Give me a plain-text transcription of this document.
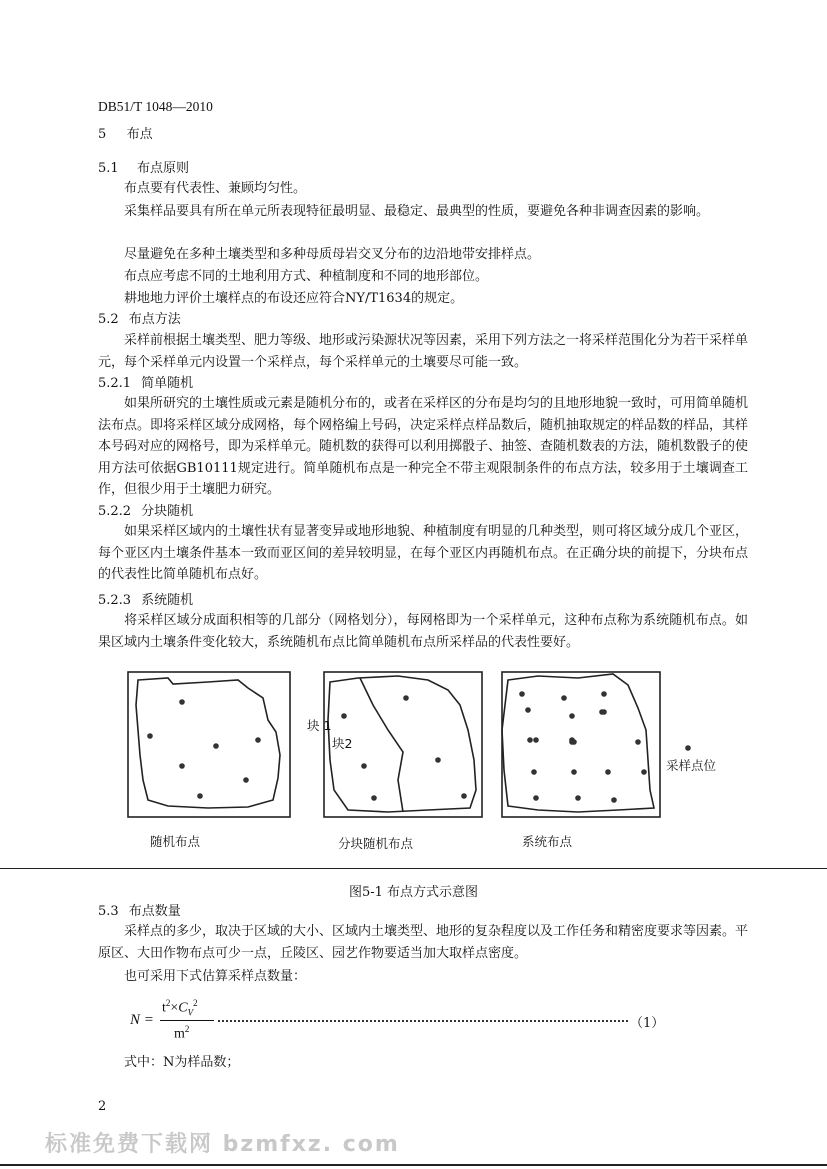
DB51/T 1048—2010
5 布点
5.1 布点原则
布点要有代表性、兼顾均匀性。
采集样品要具有所在单元所表现特征最明显、最稳定、最典型的性质，要避免各种非调查因素的影响。
尽量避免在多种土壤类型和多种母质母岩交叉分布的边沿地带安排样点。
布点应考虑不同的土地利用方式、种植制度和不同的地形部位。
耕地地力评价土壤样点的布设还应符合NY/T1634的规定。
5.2 布点方法
采样前根据土壤类型、肥力等级、地形或污染源状况等因素，采用下列方法之一将采样范围化分为若干采样单元，每个采样单元内设置一个采样点，每个采样单元的土壤要尽可能一致。
5.2.1 简单随机
如果所研究的土壤性质或元素是随机分布的，或者在采样区的分布是均匀的且地形地貌一致时，可用简单随机法布点。即将采样区域分成网格，每个网格编上号码，决定采样点样品数后，随机抽取规定的样品数的样品，其样本号码对应的网格号，即为采样单元。随机数的获得可以利用掷骰子、抽签、查随机数表的方法，随机数骰子的使用方法可依据GB10111规定进行。简单随机布点是一种完全不带主观限制条件的布点方法，较多用于土壤调查工作，但很少用于土壤肥力研究。
5.2.2 分块随机
如果采样区域内的土壤性状有显著变异或地形地貌、种植制度有明显的几种类型，则可将区域分成几个亚区，每个亚区内土壤条件基本一致而亚区间的差异较明显，在每个亚区内再随机布点。在正确分块的前提下，分块布点的代表性比简单随机布点好。
5.2.3 系统随机
将采样区域分成面积相等的几部分（网格划分），每网格即为一个采样单元，这种布点称为系统随机布点。如果区域内土壤条件变化较大，系统随机布点比简单随机布点所采样品的代表性要好。
块 1
块2
采样点位
随机布点	分块随机布点	系统布点
图5-1 布点方式示意图
5.3 布点数量
采样点的多少，取决于区域的大小、区域内土壤类型、地形的复杂程度以及工作任务和精密度要求等因素。平原区、大田作物布点可少一点，丘陵区、园艺作物要适当加大取样点密度。
也可采用下式估算采样点数量：
N =
$t^2\times C_V^2$
$m^2$	（1）
式中：N为样品数；
2
标准免费下载网 bzmfxz. com
